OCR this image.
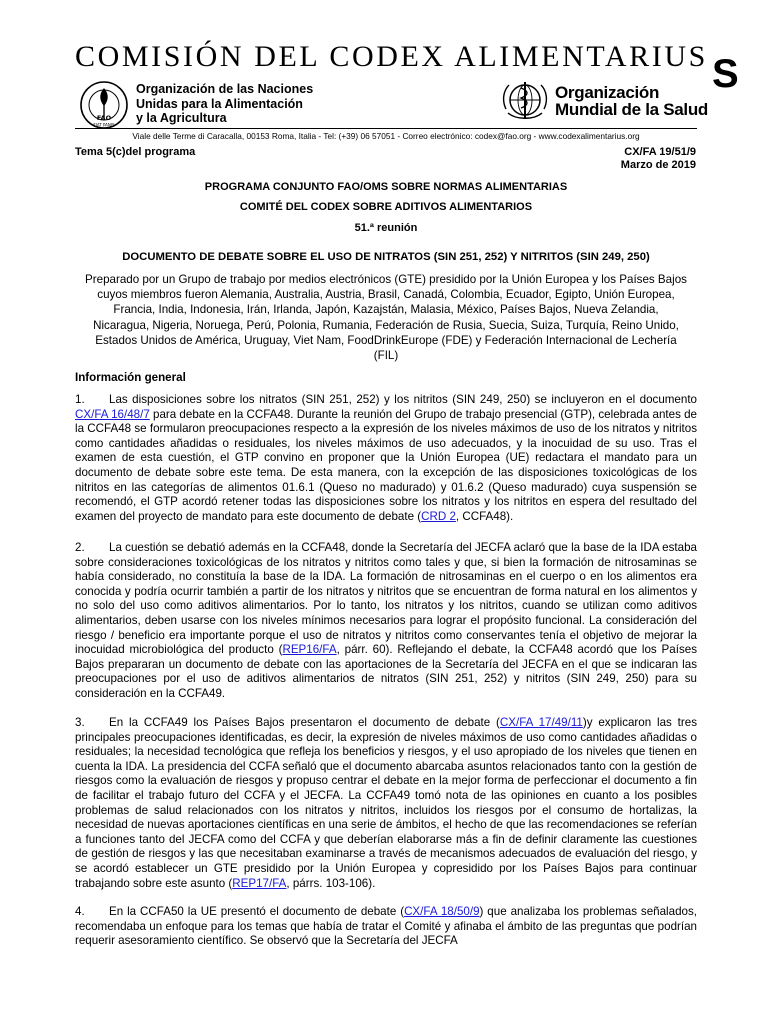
COMISIÓN DEL CODEX ALIMENTARIUS S
FAO
FIAT PANIS
Organización de las Naciones
Unidas para la Alimentación
y la Agricultura
Organización
Mundial de la Salud
Viale delle Terme di Caracalla, 00153 Roma, Italia - Tel: (+39) 06 57051 - Correo electrónico: codex@fao.org - www.codexalimentarius.org
Tema 5(c)del programa	CX/FA 19/51/9
Marzo de 2019
PROGRAMA CONJUNTO FAO/OMS SOBRE NORMAS ALIMENTARIAS
COMITÉ DEL CODEX SOBRE ADITIVOS ALIMENTARIOS
51.ª reunión
DOCUMENTO DE DEBATE SOBRE EL USO DE NITRATOS (SIN 251, 252) Y NITRITOS (SIN 249, 250)
Preparado por un Grupo de trabajo por medios electrónicos (GTE) presidido por la Unión Europea y los Países Bajos cuyos miembros fueron Alemania, Australia, Austria, Brasil, Canadá, Colombia, Ecuador, Egipto, Unión Europea, Francia, India, Indonesia, Irán, Irlanda, Japón, Kazajstán, Malasia, México, Países Bajos, Nueva Zelandia, Nicaragua, Nigeria, Noruega, Perú, Polonia, Rumania, Federación de Rusia, Suecia, Suiza, Turquía, Reino Unido, Estados Unidos de América, Uruguay, Viet Nam, FoodDrinkEurope (FDE) y Federación Internacional de Lechería (FIL)
Información general
1. Las disposiciones sobre los nitratos (SIN 251, 252) y los nitritos (SIN 249, 250) se incluyeron en el documento CX/FA 16/48/7 para debate en la CCFA48. Durante la reunión del Grupo de trabajo presencial (GTP), celebrada antes de la CCFA48 se formularon preocupaciones respecto a la expresión de los niveles máximos de uso de los nitratos y nitritos como cantidades añadidas o residuales, los niveles máximos de uso adecuados, y la inocuidad de su uso. Tras el examen de esta cuestión, el GTP convino en proponer que la Unión Europea (UE) redactara el mandato para un documento de debate sobre este tema. De esta manera, con la excepción de las disposiciones toxicológicas de los nitritos en las categorías de alimentos 01.6.1 (Queso no madurado) y 01.6.2 (Queso madurado) cuya suspensión se recomendó, el GTP acordó retener todas las disposiciones sobre los nitratos y los nitritos en espera del resultado del examen del proyecto de mandato para este documento de debate (CRD 2, CCFA48).
2. La cuestión se debatió además en la CCFA48, donde la Secretaría del JECFA aclaró que la base de la IDA estaba sobre consideraciones toxicológicas de los nitratos y nitritos como tales y que, si bien la formación de nitrosaminas se había considerado, no constituía la base de la IDA. La formación de nitrosaminas en el cuerpo o en los alimentos era conocida y podría ocurrir también a partir de los nitratos y nitritos que se encuentran de forma natural en los alimentos y no solo del uso como aditivos alimentarios. Por lo tanto, los nitratos y los nitritos, cuando se utilizan como aditivos alimentarios, deben usarse con los niveles mínimos necesarios para lograr el propósito funcional. La consideración del riesgo / beneficio era importante porque el uso de nitratos y nitritos como conservantes tenía el objetivo de mejorar la inocuidad microbiológica del producto (REP16/FA, párr. 60). Reflejando el debate, la CCFA48 acordó que los Países Bajos prepararan un documento de debate con las aportaciones de la Secretaría del JECFA en el que se indicaran las preocupaciones por el uso de aditivos alimentarios de nitratos (SIN 251, 252) y nitritos (SIN 249, 250) para su consideración en la CCFA49.
3. En la CCFA49 los Países Bajos presentaron el documento de debate (CX/FA 17/49/11)y explicaron las tres principales preocupaciones identificadas, es decir, la expresión de niveles máximos de uso como cantidades añadidas o residuales; la necesidad tecnológica que refleja los beneficios y riesgos, y el uso apropiado de los niveles que tienen en cuenta la IDA. La presidencia del CCFA señaló que el documento abarcaba asuntos relacionados tanto con la gestión de riesgos como la evaluación de riesgos y propuso centrar el debate en la mejor forma de perfeccionar el documento a fin de facilitar el trabajo futuro del CCFA y el JECFA. La CCFA49 tomó nota de las opiniones en cuanto a los posibles problemas de salud relacionados con los nitratos y nitritos, incluidos los riesgos por el consumo de hortalizas, la necesidad de nuevas aportaciones científicas en una serie de ámbitos, el hecho de que las recomendaciones se referían a funciones tanto del JECFA como del CCFA y que deberían elaborarse más a fin de definir claramente las cuestiones de gestión de riesgos y las que necesitaban examinarse a través de mecanismos adecuados de evaluación del riesgo, y se acordó establecer un GTE presidido por la Unión Europea y copresidido por los Países Bajos para continuar trabajando sobre este asunto (REP17/FA, párrs. 103-106).
4. En la CCFA50 la UE presentó el documento de debate (CX/FA 18/50/9) que analizaba los problemas señalados, recomendaba un enfoque para los temas que había de tratar el Comité y afinaba el ámbito de las preguntas que podrían requerir asesoramiento científico. Se observó que la Secretaría del JECFA
